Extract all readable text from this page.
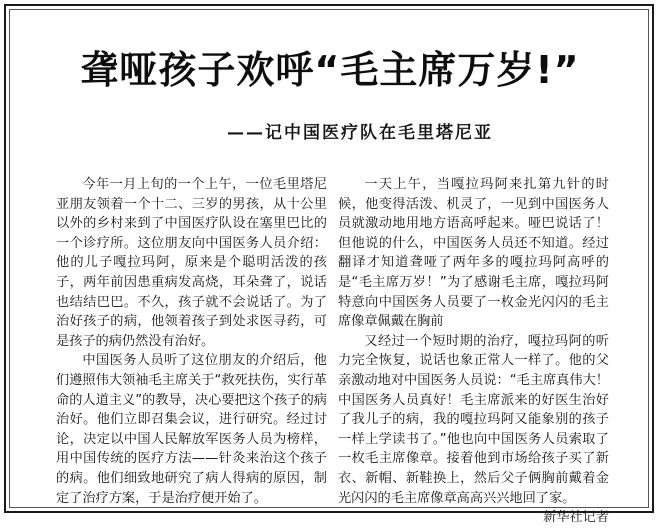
聋哑孩子欢呼“毛主席万岁!”
——记中国医疗队在毛里塔尼亚

今年一月上旬的一个上午，一位毛里塔尼亚朋友领着一个十二、三岁的男孩，从十公里以外的乡村来到了中国医疗队设在塞里巴比的一个诊疗所。这位朋友向中国医务人员介绍：他的儿子嘎拉玛阿，原来是个聪明活泼的孩子，两年前因患重病发高烧，耳朵聋了，说话也结结巴巴。不久，孩子就不会说话了。为了治好孩子的病，他领着孩子到处求医寻药，可是孩子的病仍然没有治好。

中国医务人员听了这位朋友的介绍后，他们遵照伟大领袖毛主席关于“救死扶伤，实行革命的人道主义”的教导，决心要把这个孩子的病治好。他们立即召集会议，进行研究。经过讨论，决定以中国人民解放军医务人员为榜样，用中国传统的医疗方法——针灸来治这个孩子的病。他们细致地研究了病人得病的原因，制定了治疗方案，于是治疗便开始了。

一天上午，当嘎拉玛阿来扎第九针的时候，他变得活泼、机灵了，一见到中国医务人员就激动地用地方语高呼起来。哑巴说话了！但他说的什么，中国医务人员还不知道。经过翻译才知道聋哑了两年多的嘎拉玛阿高呼的是“毛主席万岁！”为了感谢毛主席，嘎拉玛阿特意向中国医务人员要了一枚金光闪闪的毛主席像章佩戴在胸前

又经过一个短时期的治疗，嘎拉玛阿的听力完全恢复，说话也象正常人一样了。他的父亲激动地对中国医务人员说：“毛主席真伟大！中国医务人员真好！毛主席派来的好医生治好了我儿子的病，我的嘎拉玛阿又能象别的孩子一样上学读书了。”他也向中国医务人员索取了一枚毛主席像章。接着他到市场给孩子买了新衣、新帽、新鞋换上，然后父子俩胸前戴着金光闪闪的毛主席像章高高兴兴地回了家。
新华社记者
